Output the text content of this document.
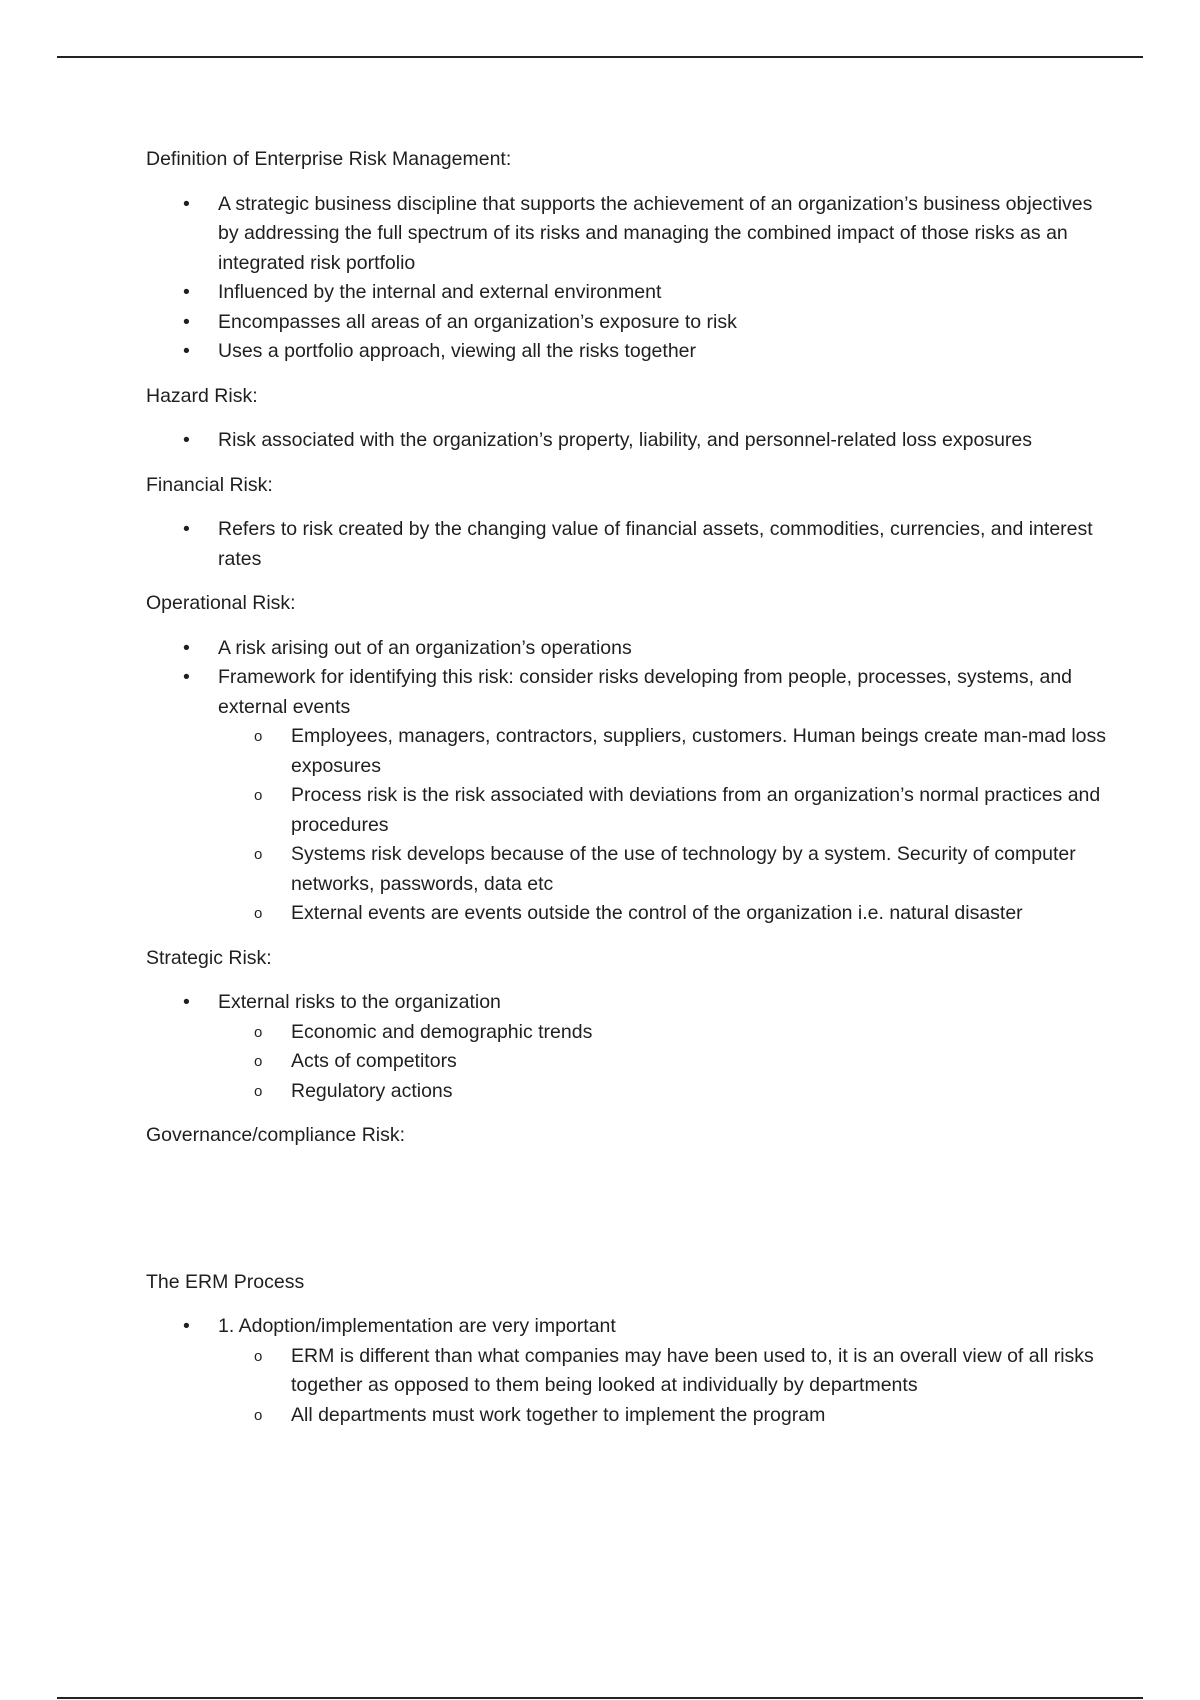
Definition of Enterprise Risk Management:

• A strategic business discipline that supports the achievement of an organization’s business objectives by addressing the full spectrum of its risks and managing the combined impact of those risks as an integrated risk portfolio
• Influenced by the internal and external environment
• Encompasses all areas of an organization’s exposure to risk
• Uses a portfolio approach, viewing all the risks together

Hazard Risk:

• Risk associated with the organization’s property, liability, and personnel-related loss exposures

Financial Risk:

• Refers to risk created by the changing value of financial assets, commodities, currencies, and interest rates

Operational Risk:

• A risk arising out of an organization’s operations
• Framework for identifying this risk: consider risks developing from people, processes, systems, and external events
o Employees, managers, contractors, suppliers, customers. Human beings create man-mad loss exposures
o Process risk is the risk associated with deviations from an organization’s normal practices and procedures
o Systems risk develops because of the use of technology by a system. Security of computer networks, passwords, data etc
o External events are events outside the control of the organization i.e. natural disaster

Strategic Risk:

• External risks to the organization
o Economic and demographic trends
o Acts of competitors
o Regulatory actions

Governance/compliance Risk:

The ERM Process

• 1. Adoption/implementation are very important
o ERM is different than what companies may have been used to, it is an overall view of all risks together as opposed to them being looked at individually by departments
o All departments must work together to implement the program
